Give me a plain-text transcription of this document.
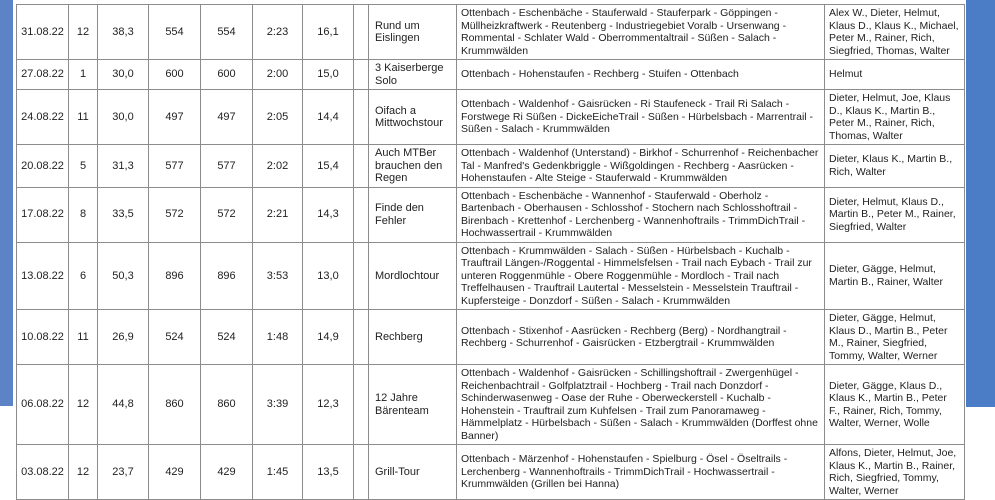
31.08.22	12	38,3	554	554	2:23	16,1		Rund um Eislingen	Ottenbach - Eschenbäche - Stauferwald - Stauferpark - Göppingen - Müllheizkraftwerk - Reutenberg - Industriegebiet Voralb - Ursenwang - Rommental - Schlater Wald - Oberrommentaltrail - Süßen - Salach - Krummwälden	Alex W., Dieter, Helmut, Klaus D., Klaus K., Michael, Peter M., Rainer, Rich, Siegfried, Thomas, Walter
27.08.22	1	30,0	600	600	2:00	15,0		3 Kaiserberge Solo	Ottenbach - Hohenstaufen - Rechberg - Stuifen - Ottenbach	Helmut
24.08.22	11	30,0	497	497	2:05	14,4		Oifach a Mittwochstour	Ottenbach - Waldenhof - Gaisrücken - Ri Staufeneck - Trail Ri Salach - Forstwege Ri Süßen - DickeEicheTrail - Süßen - Hürbelsbach - Marrentrail - Süßen - Salach - Krummwälden	Dieter, Helmut, Joe, Klaus D., Klaus K., Martin B., Peter M., Rainer, Rich, Thomas, Walter
20.08.22	5	31,3	577	577	2:02	15,4		Auch MTBer brauchen den Regen	Ottenbach - Waldenhof (Unterstand) - Birkhof - Schurrenhof - Reichenbacher Tal - Manfred's Gedenkbriggle - Wißgoldingen - Rechberg - Aasrücken - Hohenstaufen - Alte Steige - Stauferwald - Krummwälden	Dieter, Klaus K., Martin B., Rich, Walter
17.08.22	8	33,5	572	572	2:21	14,3		Finde den Fehler	Ottenbach - Eschenbäche - Wannenhof - Stauferwald - Oberholz - Bartenbach - Oberhausen - Schlosshof - Stochern nach Schlosshoftrail - Birenbach - Krettenhof - Lerchenberg - Wannenhoftrails - TrimmDichTrail - Hochwassertrail - Krummwälden	Dieter, Helmut, Klaus D., Martin B., Peter M., Rainer, Siegfried, Walter
13.08.22	6	50,3	896	896	3:53	13,0		Mordlochtour	Ottenbach - Krummwälden - Salach - Süßen - Hürbelsbach - Kuchalb - Trauftrail Längen-/Roggental - Himmelsfelsen - Trail nach Eybach - Trail zur unteren Roggenmühle - Obere Roggenmühle - Mordloch - Trail nach Treffelhausen - Trauftrail Lautertal - Messelstein - Messelstein Trauftrail - Kupfersteige - Donzdorf - Süßen - Salach - Krummwälden	Dieter, Gägge, Helmut, Martin B., Rainer, Walter
10.08.22	11	26,9	524	524	1:48	14,9		Rechberg	Ottenbach - Stixenhof - Aasrücken - Rechberg (Berg) - Nordhangtrail - Rechberg - Schurrenhof - Gaisrücken - Etzbergtrail - Krummwälden	Dieter, Gägge, Helmut, Klaus D., Martin B., Peter M., Rainer, Siegfried, Tommy, Walter, Werner
06.08.22	12	44,8	860	860	3:39	12,3		12 Jahre Bärenteam	Ottenbach - Waldenhof - Gaisrücken - Schillingshoftrail - Zwergenhügel - Reichenbachtrail - Golfplatztrail - Hochberg - Trail nach Donzdorf - Schinderwasenweg - Oase der Ruhe - Oberweckerstell - Kuchalb - Hohenstein - Trauftrail zum Kuhfelsen - Trail zum Panoramaweg - Hämmelplatz - Hürbelsbach - Süßen - Salach - Krummwälden (Dorffest ohne Banner)	Dieter, Gägge, Klaus D., Klaus K., Martin B., Peter F., Rainer, Rich, Tommy, Walter, Werner, Wolle
03.08.22	12	23,7	429	429	1:45	13,5		Grill-Tour	Ottenbach - Märzenhof - Hohenstaufen - Spielburg - Ösel - Öseltrails - Lerchenberg - Wannenhoftrails - TrimmDichTrail - Hochwassertrail - Krummwälden (Grillen bei Hanna)	Alfons, Dieter, Helmut, Joe, Klaus K., Martin B., Rainer, Rich, Siegfried, Tommy, Walter, Werner
